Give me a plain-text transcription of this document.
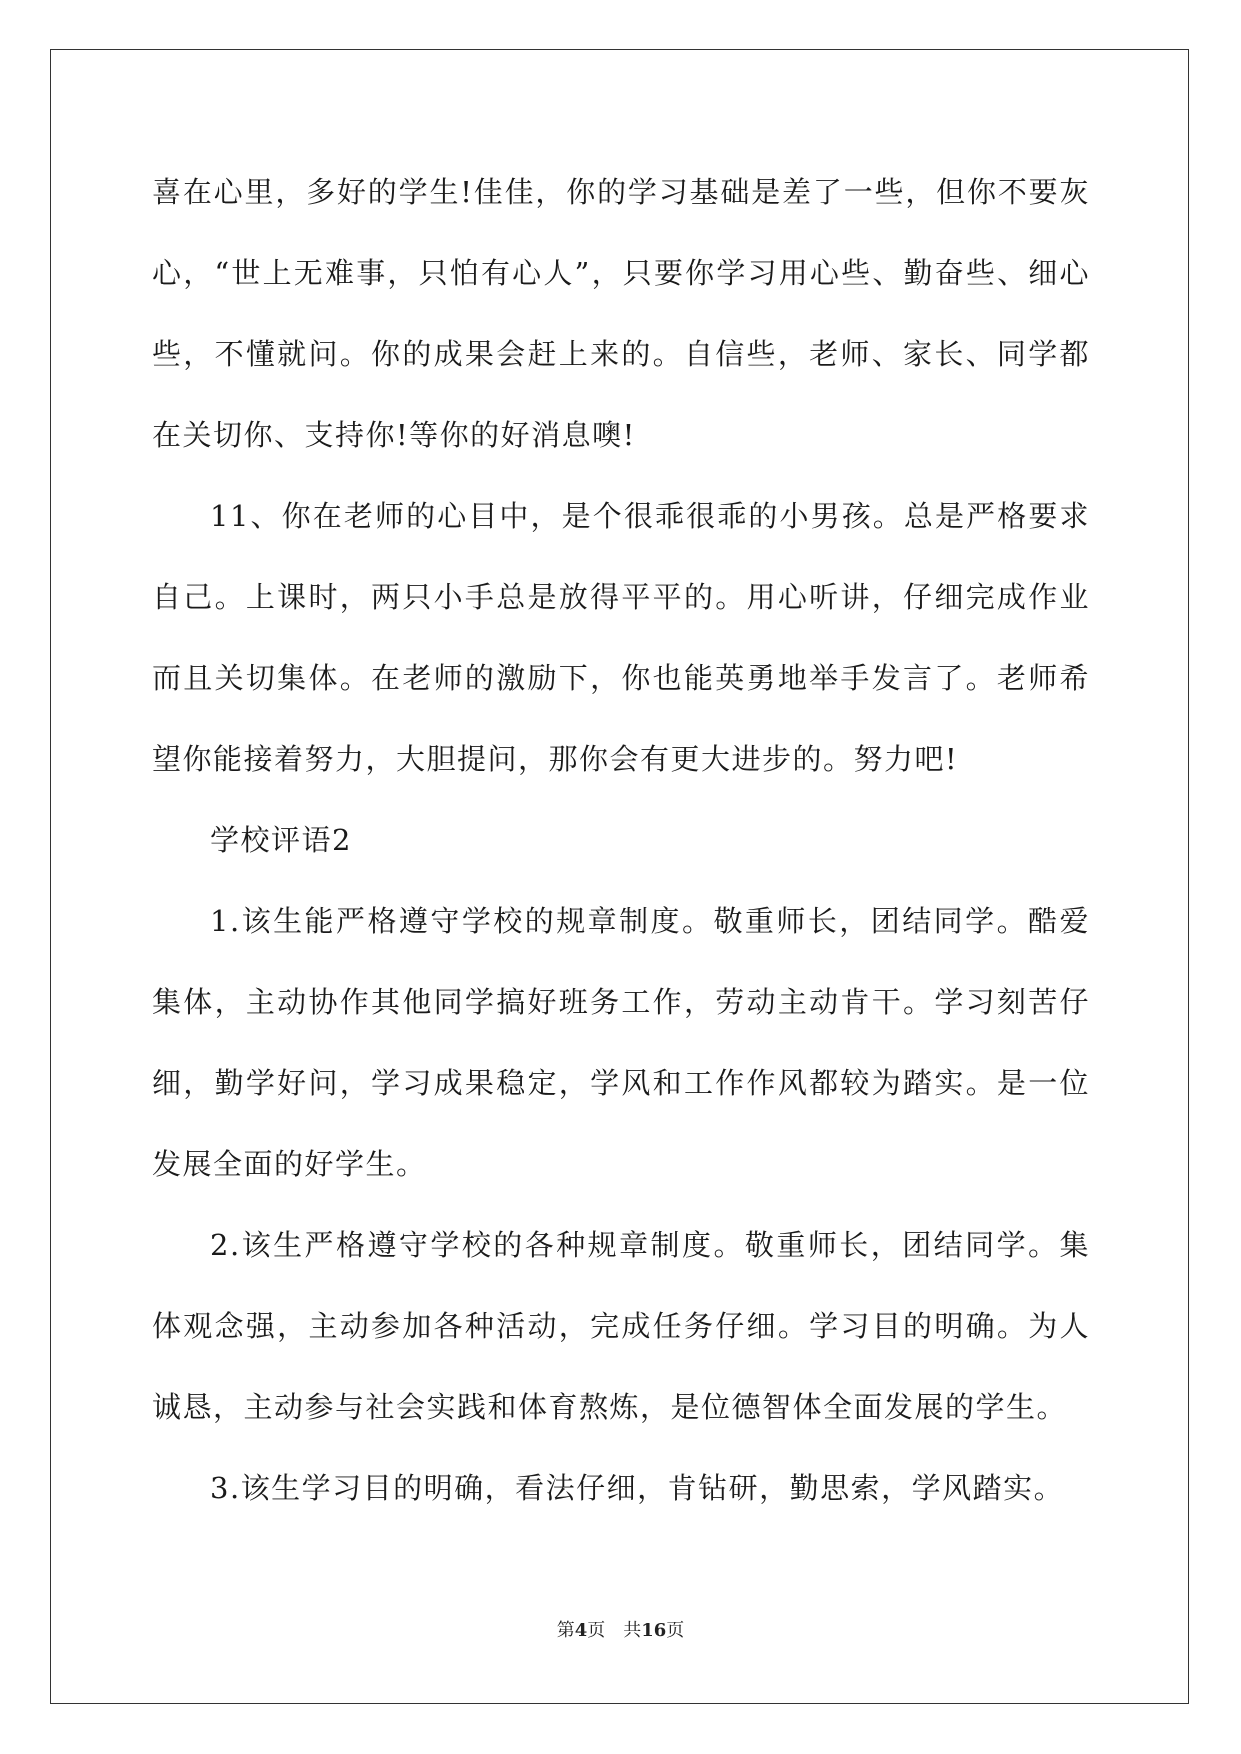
喜在心里，多好的学生!佳佳，你的学习基础是差了一些，但你不要灰心，“世上无难事，只怕有心人”，只要你学习用心些、勤奋些、细心些，不懂就问。你的成果会赶上来的。自信些，老师、家长、同学都在关切你、支持你!等你的好消息噢!

11、你在老师的心目中，是个很乖很乖的小男孩。总是严格要求自己。上课时，两只小手总是放得平平的。用心听讲，仔细完成作业而且关切集体。在老师的激励下，你也能英勇地举手发言了。老师希望你能接着努力，大胆提问，那你会有更大进步的。努力吧!

学校评语2

1.该生能严格遵守学校的规章制度。敬重师长，团结同学。酷爱集体，主动协作其他同学搞好班务工作，劳动主动肯干。学习刻苦仔细，勤学好问，学习成果稳定，学风和工作作风都较为踏实。是一位发展全面的好学生。

2.该生严格遵守学校的各种规章制度。敬重师长，团结同学。集体观念强，主动参加各种活动，完成任务仔细。学习目的明确。为人诚恳，主动参与社会实践和体育熬炼，是位德智体全面发展的学生。

3.该生学习目的明确，看法仔细，肯钻研，勤思索，学风踏实。

第4页 共16页
